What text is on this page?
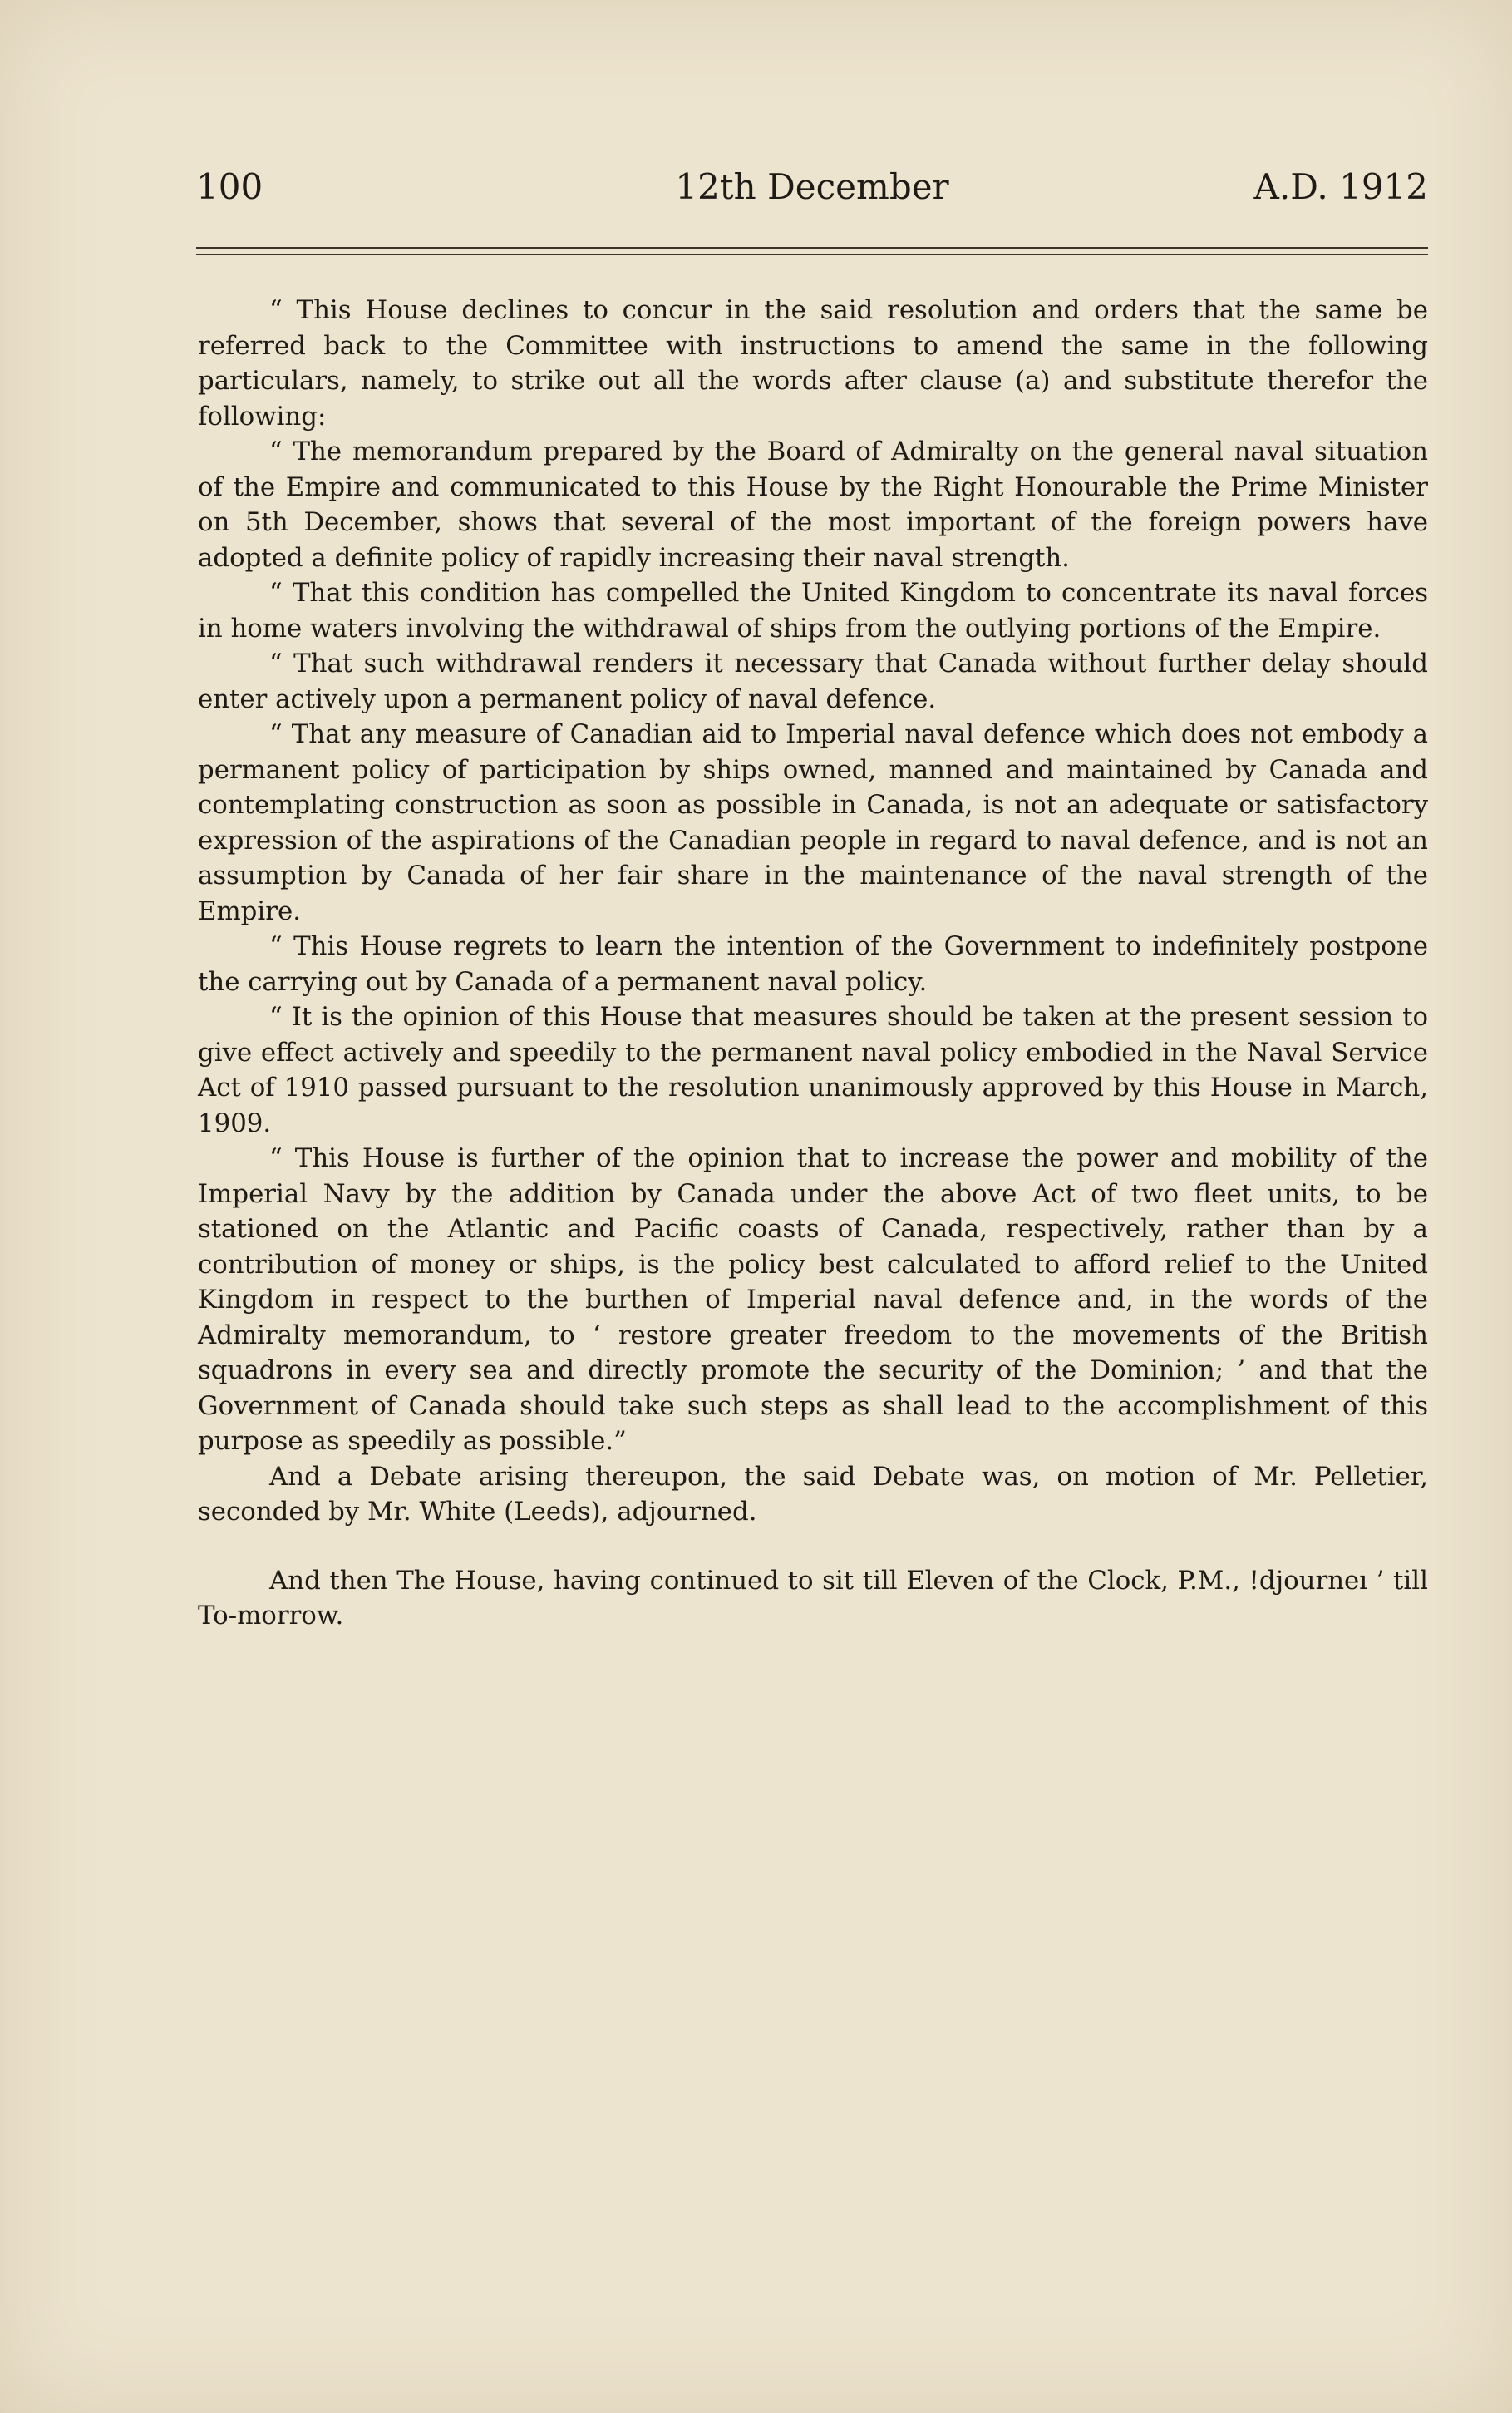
100	12th December	A.D. 1912

“ This House declines to concur in the said resolution and orders that the same be referred back to the Committee with instructions to amend the same in the following particulars, namely, to strike out all the words after clause (a) and substitute therefor the following:

“ The memorandum prepared by the Board of Admiralty on the general naval situation of the Empire and communicated to this House by the Right Honourable the Prime Minister on 5th December, shows that several of the most important of the foreign powers have adopted a definite policy of rapidly increasing their naval strength.

“ That this condition has compelled the United Kingdom to concentrate its naval forces in home waters involving the withdrawal of ships from the outlying portions of the Empire.

“ That such withdrawal renders it necessary that Canada without further delay should enter actively upon a permanent policy of naval defence.

“ That any measure of Canadian aid to Imperial naval defence which does not embody a permanent policy of participation by ships owned, manned and maintained by Canada and contemplating construction as soon as possible in Canada, is not an adequate or satisfactory expression of the aspirations of the Canadian people in regard to naval defence, and is not an assumption by Canada of her fair share in the maintenance of the naval strength of the Empire.

“ This House regrets to learn the intention of the Government to indefinitely postpone the carrying out by Canada of a permanent naval policy.

“ It is the opinion of this House that measures should be taken at the present session to give effect actively and speedily to the permanent naval policy embodied in the Naval Service Act of 1910 passed pursuant to the resolution unanimously approved by this House in March, 1909.

“ This House is further of the opinion that to increase the power and mobility of the Imperial Navy by the addition by Canada under the above Act of two fleet units, to be stationed on the Atlantic and Pacific coasts of Canada, respectively, rather than by a contribution of money or ships, is the policy best calculated to afford relief to the United Kingdom in respect to the burthen of Imperial naval defence and, in the words of the Admiralty memorandum, to ‘ restore greater freedom to the movements of the British squadrons in every sea and directly promote the security of the Dominion; ’ and that the Government of Canada should take such steps as shall lead to the accomplishment of this purpose as speedily as possible.”

And a Debate arising thereupon, the said Debate was, on motion of Mr. Pelletier, seconded by Mr. White (Leeds), adjourned.

And then The House, having continued to sit till Eleven of the Clock, P.M., !djourneı ’ till To-morrow.
